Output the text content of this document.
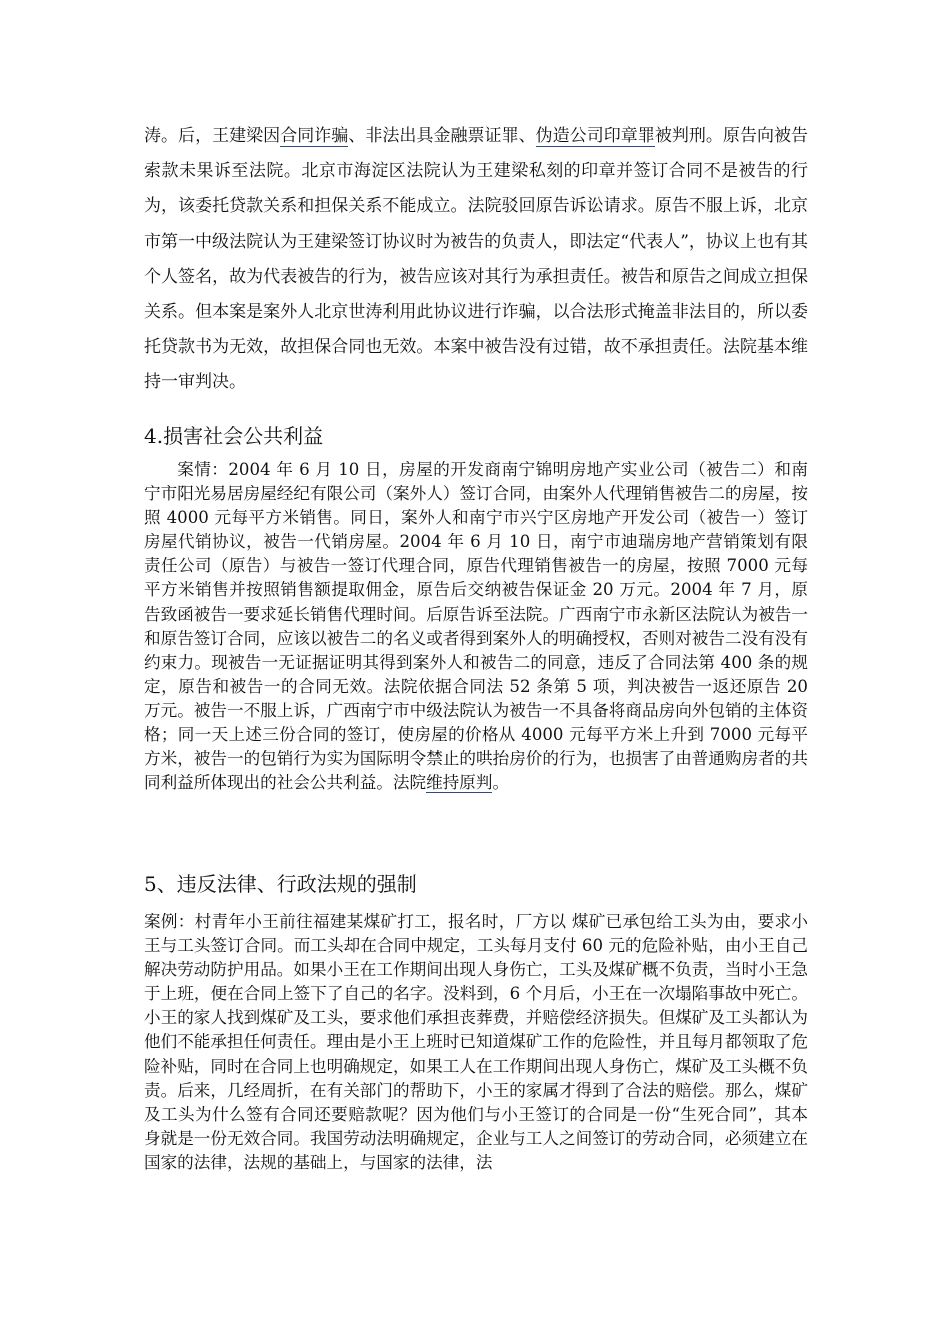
涛。后，王建梁因合同诈骗、非法出具金融票证罪、伪造公司印章罪被判刑。原告向被告索款未果诉至法院。北京市海淀区法院认为王建梁私刻的印章并签订合同不是被告的行为，该委托贷款关系和担保关系不能成立。法院驳回原告诉讼请求。原告不服上诉，北京市第一中级法院认为王建梁签订协议时为被告的负责人，即法定“代表人”，协议上也有其个人签名，故为代表被告的行为，被告应该对其行为承担责任。被告和原告之间成立担保关系。但本案是案外人北京世涛利用此协议进行诈骗，以合法形式掩盖非法目的，所以委托贷款书为无效，故担保合同也无效。本案中被告没有过错，故不承担责任。法院基本维持一审判决。

4.损害社会公共利益

案情：2004 年 6 月 10 日，房屋的开发商南宁锦明房地产实业公司（被告二）和南宁市阳光易居房屋经纪有限公司（案外人）签订合同，由案外人代理销售被告二的房屋，按照 4000 元每平方米销售。同日，案外人和南宁市兴宁区房地产开发公司（被告一）签订房屋代销协议，被告一代销房屋。2004 年 6 月 10 日，南宁市迪瑞房地产营销策划有限责任公司（原告）与被告一签订代理合同，原告代理销售被告一的房屋，按照 7000 元每平方米销售并按照销售额提取佣金，原告后交纳被告保证金 20 万元。2004 年 7 月，原告致函被告一要求延长销售代理时间。后原告诉至法院。广西南宁市永新区法院认为被告一和原告签订合同，应该以被告二的名义或者得到案外人的明确授权，否则对被告二没有没有约束力。现被告一无证据证明其得到案外人和被告二的同意，违反了合同法第 400 条的规定，原告和被告一的合同无效。法院依据合同法 52 条第 5 项，判决被告一返还原告 20 万元。被告一不服上诉，广西南宁市中级法院认为被告一不具备将商品房向外包销的主体资格；同一天上述三份合同的签订，使房屋的价格从 4000 元每平方米上升到 7000 元每平方米，被告一的包销行为实为国际明令禁止的哄抬房价的行为，也损害了由普通购房者的共同利益所体现出的社会公共利益。法院维持原判。

5、违反法律、行政法规的强制

案例：村青年小王前往福建某煤矿打工，报名时，厂方以 煤矿已承包给工头为由，要求小王与工头签订合同。而工头却在合同中规定，工头每月支付 60 元的危险补贴，由小王自己解决劳动防护用品。如果小王在工作期间出现人身伤亡，工头及煤矿概不负责，当时小王急于上班，便在合同上签下了自己的名字。没料到，6 个月后，小王在一次塌陷事故中死亡。小王的家人找到煤矿及工头，要求他们承担丧葬费，并赔偿经济损失。但煤矿及工头都认为他们不能承担任何责任。理由是小王上班时已知道煤矿工作的危险性，并且每月都领取了危险补贴，同时在合同上也明确规定，如果工人在工作期间出现人身伤亡，煤矿及工头概不负责。后来，几经周折，在有关部门的帮助下，小王的家属才得到了合法的赔偿。那么，煤矿及工头为什么签有合同还要赔款呢？因为他们与小王签订的合同是一份“生死合同”，其本身就是一份无效合同。我国劳动法明确规定，企业与工人之间签订的劳动合同，必须建立在国家的法律，法规的基础上，与国家的法律，法
